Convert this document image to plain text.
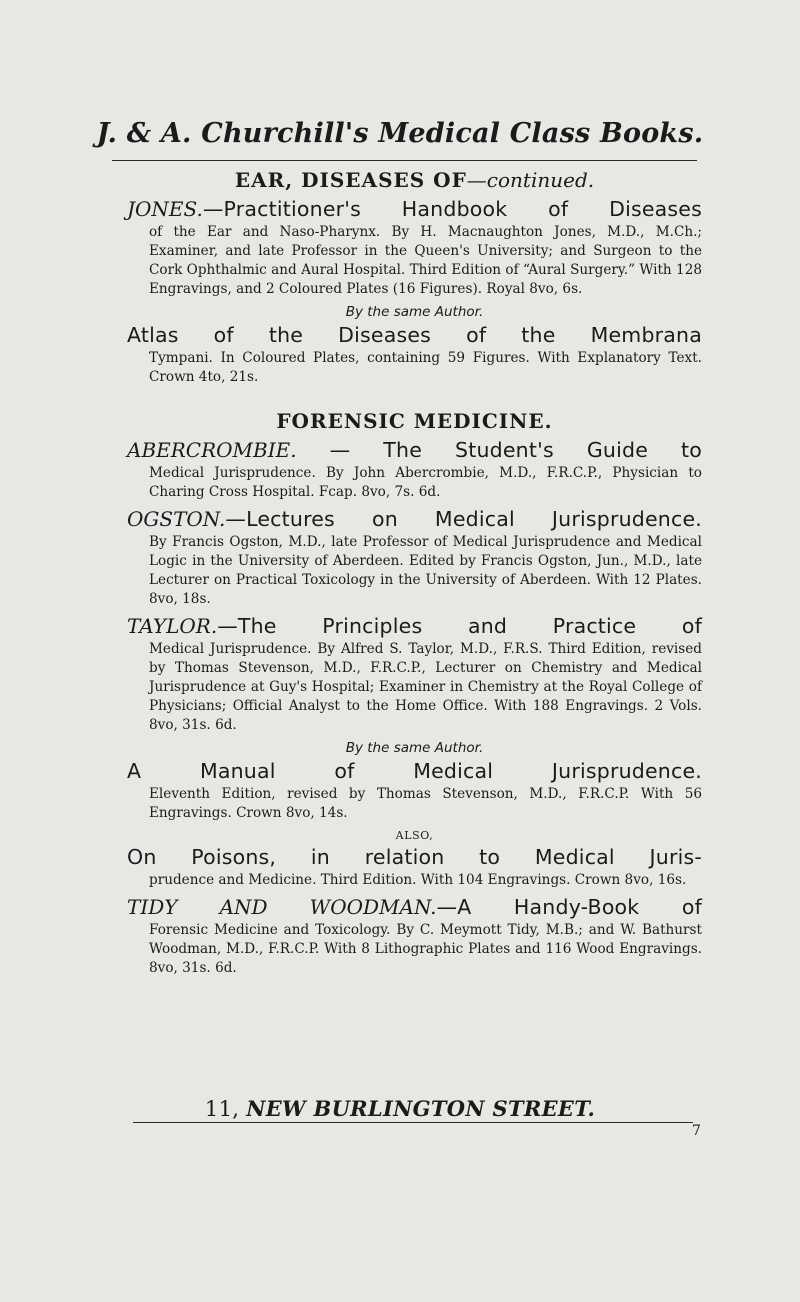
J. & A. Churchill's Medical Class Books.
EAR, DISEASES OF—continued.
JONES.—Practitioner's Handbook of Diseases
of the Ear and Naso-Pharynx. By H. Macnaughton Jones, M.D., M.Ch.; Examiner, and late Professor in the Queen's University; and Surgeon to the Cork Ophthalmic and Aural Hospital. Third Edition of “Aural Surgery.” With 128 Engravings, and 2 Coloured Plates (16 Figures). Royal 8vo, 6s.
By the same Author.
Atlas of the Diseases of the Membrana
Tympani. In Coloured Plates, containing 59 Figures. With Explanatory Text. Crown 4to, 21s.
FORENSIC MEDICINE.
ABERCROMBIE. — The Student's Guide to
Medical Jurisprudence. By John Abercrombie, M.D., F.R.C.P., Physician to Charing Cross Hospital. Fcap. 8vo, 7s. 6d.
OGSTON.—Lectures on Medical Jurisprudence.
By Francis Ogston, M.D., late Professor of Medical Jurisprudence and Medical Logic in the University of Aberdeen. Edited by Francis Ogston, Jun., M.D., late Lecturer on Practical Toxicology in the University of Aberdeen. With 12 Plates. 8vo, 18s.
TAYLOR.—The Principles and Practice of
Medical Jurisprudence. By Alfred S. Taylor, M.D., F.R.S. Third Edition, revised by Thomas Stevenson, M.D., F.R.C.P., Lecturer on Chemistry and Medical Jurisprudence at Guy's Hospital; Examiner in Chemistry at the Royal College of Physicians; Official Analyst to the Home Office. With 188 Engravings. 2 Vols. 8vo, 31s. 6d.
By the same Author.
A Manual of Medical Jurisprudence.
Eleventh Edition, revised by Thomas Stevenson, M.D., F.R.C.P. With 56 Engravings. Crown 8vo, 14s.
ALSO,
On Poisons, in relation to Medical Juris-
prudence and Medicine. Third Edition. With 104 Engravings. Crown 8vo, 16s.
TIDY AND WOODMAN.—A Handy-Book of
Forensic Medicine and Toxicology. By C. Meymott Tidy, M.B.; and W. Bathurst Woodman, M.D., F.R.C.P. With 8 Lithographic Plates and 116 Wood Engravings. 8vo, 31s. 6d.
11, NEW BURLINGTON STREET.
7
